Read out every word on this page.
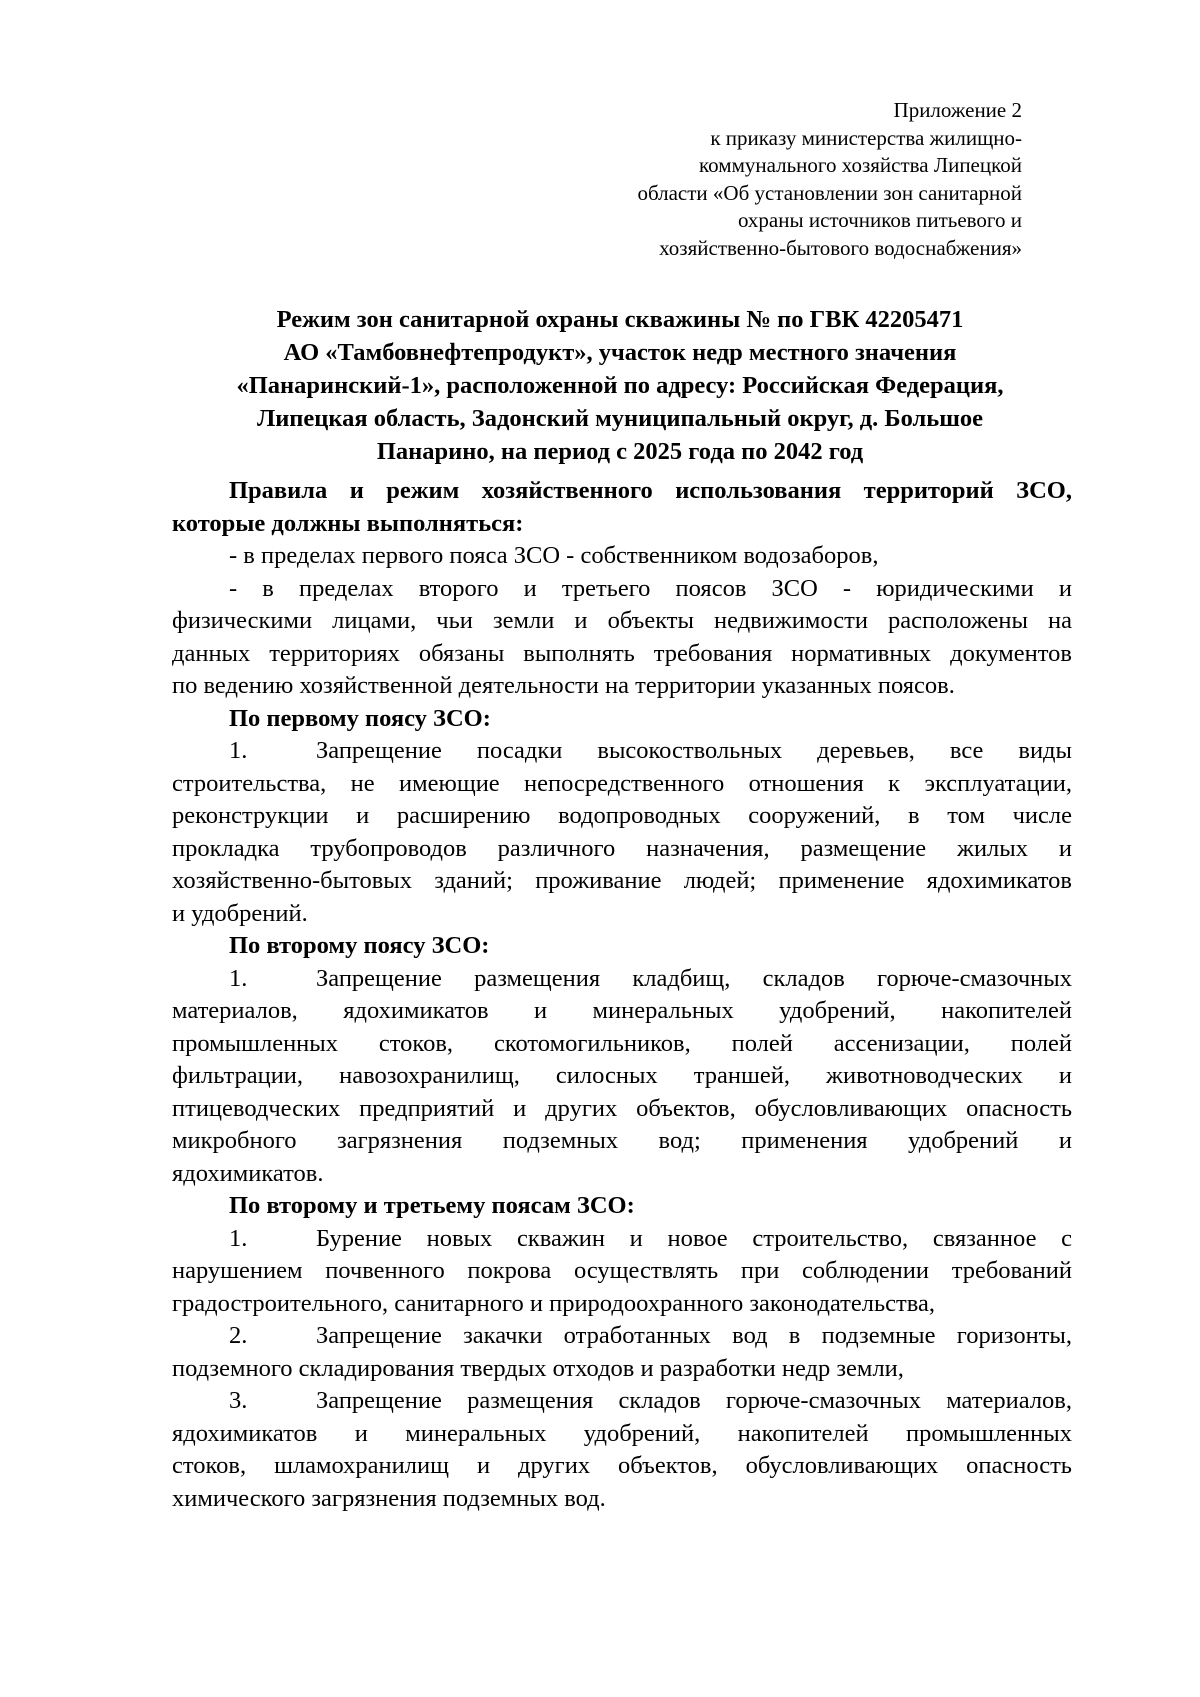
Приложение 2
к приказу министерства жилищно-
коммунального хозяйства Липецкой
области «Об установлении зон санитарной
охраны источников питьевого и
хозяйственно-бытового водоснабжения»
Режим зон санитарной охраны скважины № по ГВК 42205471
АО «Тамбовнефтепродукт», участок недр местного значения
«Панаринский-1», расположенной по адресу: Российская Федерация,
Липецкая область, Задонский муниципальный округ, д. Большое
Панарино, на период с 2025 года по 2042 год
Правила и режим хозяйственного использования территорий ЗСО,
которые должны выполняться:
- в пределах первого пояса ЗСО - собственником водозаборов,
- в пределах второго и третьего поясов ЗСО - юридическими и
физическими лицами, чьи земли и объекты недвижимости расположены на
данных территориях обязаны выполнять требования нормативных документов
по ведению хозяйственной деятельности на территории указанных поясов.
По первому поясу ЗСО:
1.	Запрещение посадки высокоствольных деревьев, все виды
строительства, не имеющие непосредственного отношения к эксплуатации,
реконструкции и расширению водопроводных сооружений, в том числе
прокладка трубопроводов различного назначения, размещение жилых и
хозяйственно-бытовых зданий; проживание людей; применение ядохимикатов
и удобрений.
По второму поясу ЗСО:
1.	Запрещение размещения кладбищ, складов горюче-смазочных
материалов, ядохимикатов и минеральных удобрений, накопителей
промышленных стоков, скотомогильников, полей ассенизации, полей
фильтрации, навозохранилищ, силосных траншей, животноводческих и
птицеводческих предприятий и других объектов, обусловливающих опасность
микробного загрязнения подземных вод; применения удобрений и
ядохимикатов.
По второму и третьему поясам ЗСО:
1.	Бурение новых скважин и новое строительство, связанное с
нарушением почвенного покрова осуществлять при соблюдении требований
градостроительного, санитарного и природоохранного законодательства,
2.	Запрещение закачки отработанных вод в подземные горизонты,
подземного складирования твердых отходов и разработки недр земли,
3.	Запрещение размещения складов горюче-смазочных материалов,
ядохимикатов и минеральных удобрений, накопителей промышленных
стоков, шламохранилищ и других объектов, обусловливающих опасность
химического загрязнения подземных вод.
